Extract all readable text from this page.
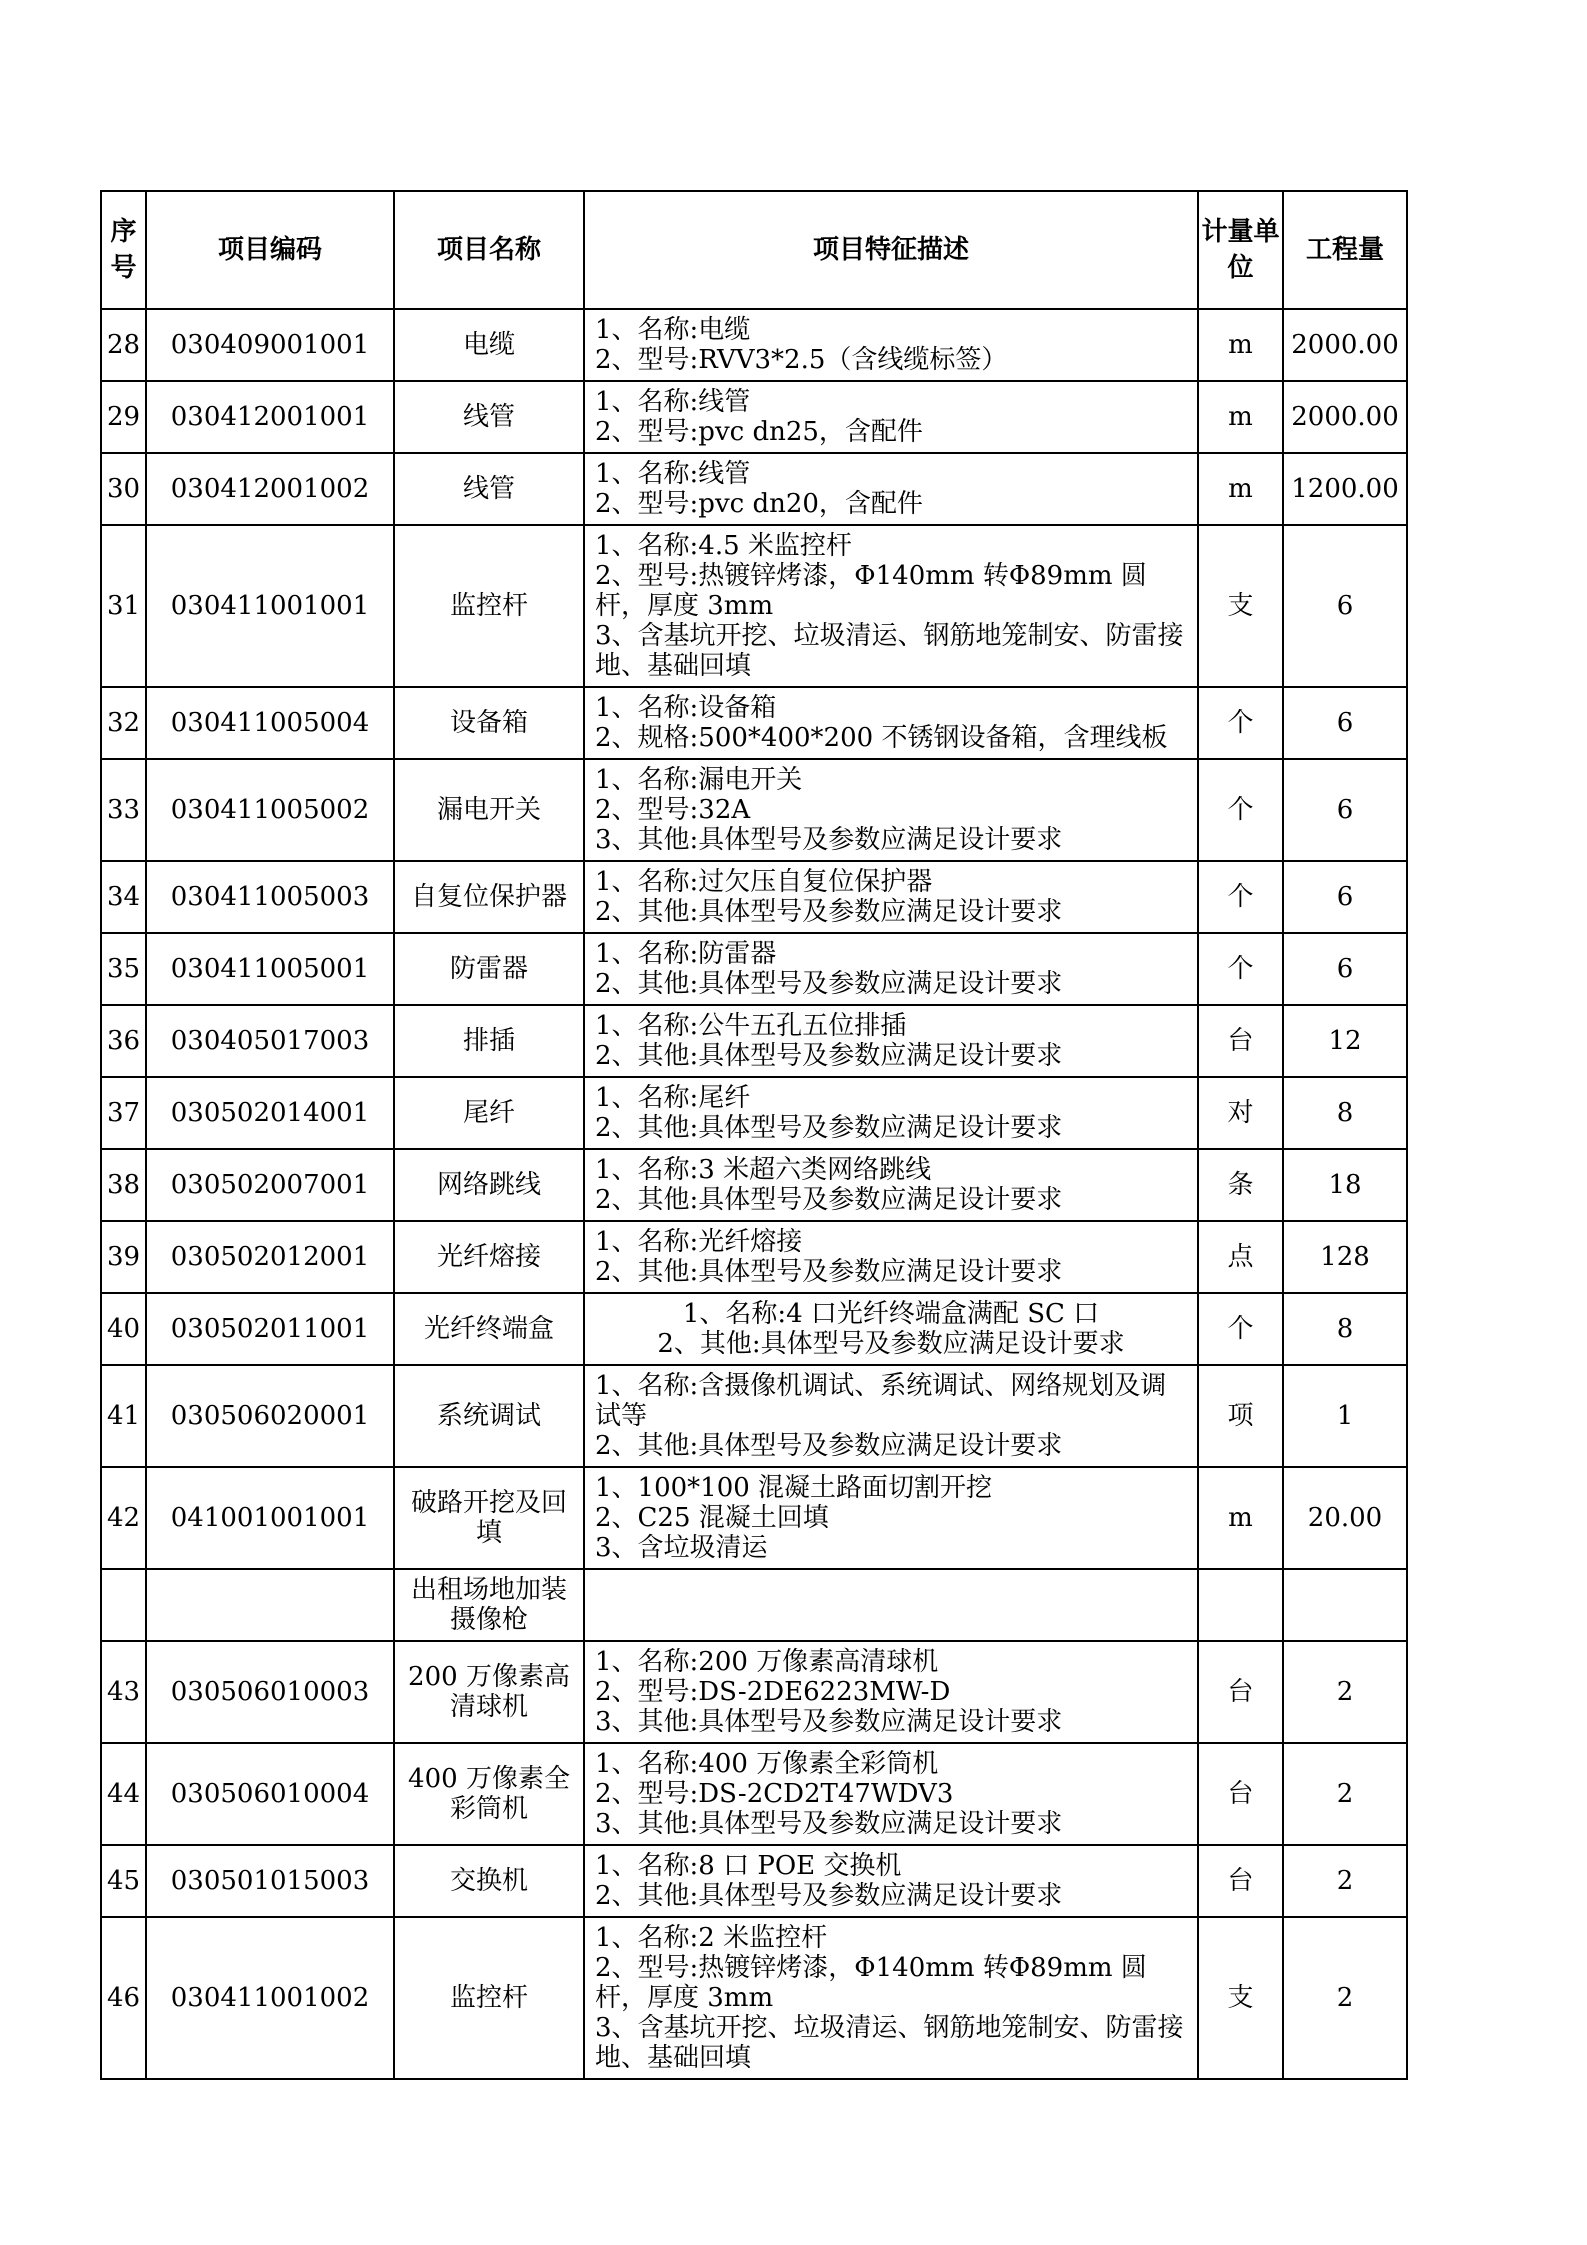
序号	项目编码	项目名称	项目特征描述	计量单位	工程量
28	030409001001	电缆	1、名称:电缆
2、型号:RVV3*2.5（含线缆标签）	m	2000.00
29	030412001001	线管	1、名称:线管
2、型号:pvc dn25，含配件	m	2000.00
30	030412001002	线管	1、名称:线管
2、型号:pvc dn20，含配件	m	1200.00
31	030411001001	监控杆	1、名称:4.5 米监控杆
2、型号:热镀锌烤漆，Φ140mm 转Φ89mm 圆杆，厚度 3mm
3、含基坑开挖、垃圾清运、钢筋地笼制安、防雷接地、基础回填	支	6
32	030411005004	设备箱	1、名称:设备箱
2、规格:500*400*200 不锈钢设备箱，含理线板	个	6
33	030411005002	漏电开关	1、名称:漏电开关
2、型号:32A
3、其他:具体型号及参数应满足设计要求	个	6
34	030411005003	自复位保护器	1、名称:过欠压自复位保护器
2、其他:具体型号及参数应满足设计要求	个	6
35	030411005001	防雷器	1、名称:防雷器
2、其他:具体型号及参数应满足设计要求	个	6
36	030405017003	排插	1、名称:公牛五孔五位排插
2、其他:具体型号及参数应满足设计要求	台	12
37	030502014001	尾纤	1、名称:尾纤
2、其他:具体型号及参数应满足设计要求	对	8
38	030502007001	网络跳线	1、名称:3 米超六类网络跳线
2、其他:具体型号及参数应满足设计要求	条	18
39	030502012001	光纤熔接	1、名称:光纤熔接
2、其他:具体型号及参数应满足设计要求	点	128
40	030502011001	光纤终端盒	1、名称:4 口光纤终端盒满配 SC 口
2、其他:具体型号及参数应满足设计要求	个	8
41	030506020001	系统调试	1、名称:含摄像机调试、系统调试、网络规划及调试等
2、其他:具体型号及参数应满足设计要求	项	1
42	041001001001	破路开挖及回填	1、100*100 混凝土路面切割开挖
2、C25 混凝土回填
3、含垃圾清运	m	20.00
		出租场地加装摄像枪			
43	030506010003	200 万像素高清球机	1、名称:200 万像素高清球机
2、型号:DS-2DE6223MW-D
3、其他:具体型号及参数应满足设计要求	台	2
44	030506010004	400 万像素全彩筒机	1、名称:400 万像素全彩筒机
2、型号:DS-2CD2T47WDV3
3、其他:具体型号及参数应满足设计要求	台	2
45	030501015003	交换机	1、名称:8 口 POE 交换机
2、其他:具体型号及参数应满足设计要求	台	2
46	030411001002	监控杆	1、名称:2 米监控杆
2、型号:热镀锌烤漆，Φ140mm 转Φ89mm 圆杆，厚度 3mm
3、含基坑开挖、垃圾清运、钢筋地笼制安、防雷接地、基础回填	支	2
